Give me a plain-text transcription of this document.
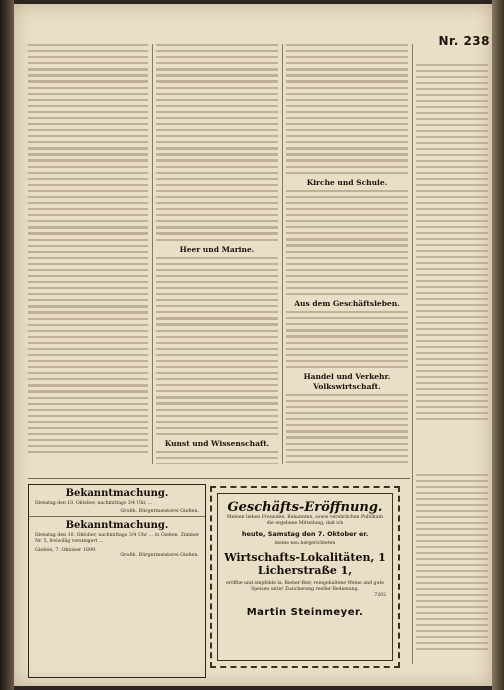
Nr. 238
Heer und Marine.
Kunst und Wissenschaft.
Kirche und Schule.
Aus dem Geschäftsleben.
Handel und Verkehr. Volkswirtschaft.
Bekanntmachung.
Dienstag den 10. Oktober, nachmittags 3/4 Uhr, ...
Großh. Bürgermeisterei Gießen.
Bekanntmachung.
Dienstag den 10. Oktober, nachmittags 3/4 Uhr ... in Gießen, Zimmer Nr. 5, freiwillig versteigert ...
Gießen, 7. Oktober 1899.
Großh. Bürgermeisterei Gießen.
Geschäfts-Eröffnung.
Meinen lieben Freunden, Bekannten, sowie verehrlichen Publikum die ergebene Mitteilung, daß ich
heute, Samstag den 7. Oktober er.
meine neu hergerichteten
Wirtschafts-Lokalitäten, 1 Licherstraße 1,
eröffne und empfehle la. Bieber-Bier, reingehaltene Weine und gute Speisen unter Zusicherung reeller Bedienung.
7202
Martin Steinmeyer.
